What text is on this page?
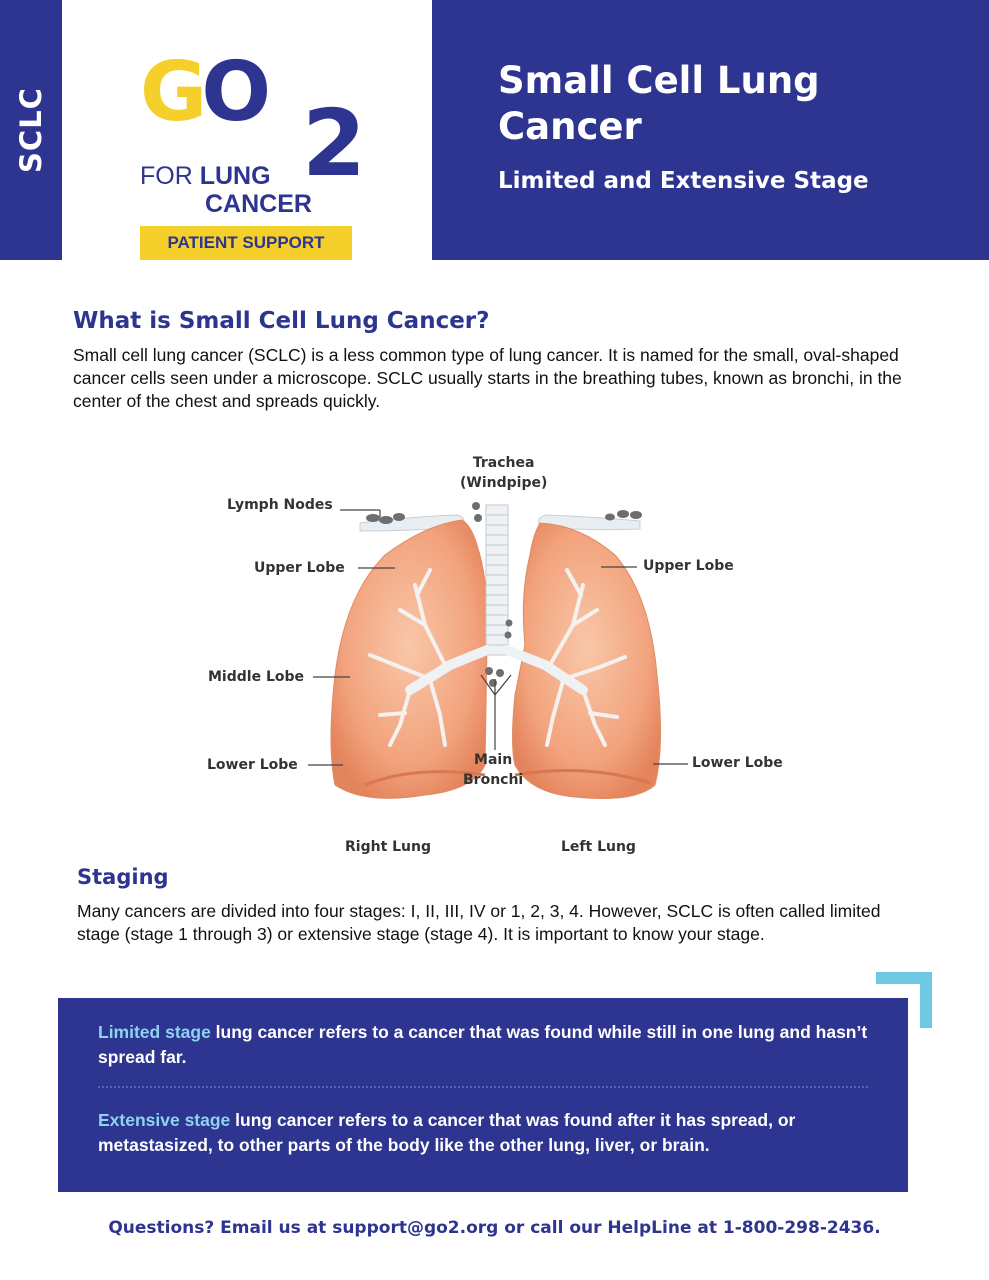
SCLC GO 2
FOR LUNG
CANCER
PATIENT SUPPORT
Small Cell Lung Cancer
Limited and Extensive Stage
What is Small Cell Lung Cancer?

Small cell lung cancer (SCLC) is a less common type of lung cancer. It is named for the small, oval-shaped cancer cells seen under a microscope. SCLC usually starts in the breathing tubes, known as bronchi, in the center of the chest and spreads quickly.

Trachea
(Windpipe)
Lymph Nodes
Upper Lobe	Upper Lobe
Middle Lobe
Lower Lobe	Lower Lobe
Main
Bronchi
Right Lung	Left Lung
Staging

Many cancers are divided into four stages: I, II, III, IV or 1, 2, 3, 4. However, SCLC is often called limited stage (stage 1 through 3) or extensive stage (stage 4). It is important to know your stage.

Limited stage lung cancer refers to a cancer that was found while still in one lung and hasn’t spread far.

Extensive stage lung cancer refers to a cancer that was found after it has spread, or metastasized, to other parts of the body like the other lung, liver, or brain.

Questions? Email us at support@go2.org or call our HelpLine at 1-800-298-2436.
